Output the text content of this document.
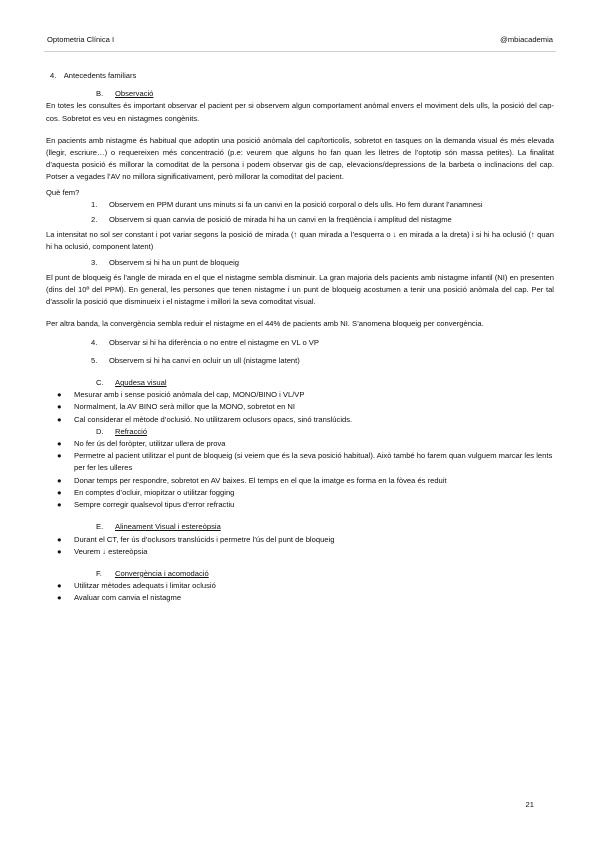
Optometria Clínica I	@mbiacademia
4. Antecedents familiars
B. Observació

En totes les consultes és important observar el pacient per si observem algun comportament anòmal envers el moviment dels ulls, la posició del cap-cos. Sobretot es veu en nistagmes congènits.

En pacients amb nistagme és habitual que adoptin una posició anòmala del cap/torticolis, sobretot en tasques on la demanda visual és més elevada (llegir, escriure…) o requereixen més concentració (p.e: veurem que alguns ho fan quan les lletres de l’optotip són massa petites). La finalitat d’aquesta posició és millorar la comoditat de la persona i podem observar gis de cap, elevacions/depressions de la barbeta o inclinacions del cap. Potser a vegades l’AV no millora significativament, però millorar la comoditat del pacient.

Què fem?
1. Observem en PPM durant uns minuts si fa un canvi en la posició corporal o dels ulls. Ho fem durant l’anamnesi
2. Observem si quan canvia de posició de mirada hi ha un canvi en la freqüència i amplitud del nistagme

La intensitat no sol ser constant i pot variar segons la posició de mirada (↑ quan mirada a l’esquerra o ↓ en mirada a la dreta) i si hi ha oclusió (↑ quan hi ha oclusió, component latent)

3. Observem si hi ha un punt de bloqueig

El punt de bloqueig és l’angle de mirada en el que el nistagme sembla disminuir. La gran majoria dels pacients amb nistagme infantil (NI) en presenten (dins del 10º del PPM). En general, les persones que tenen nistagme i un punt de bloqueig acostumen a tenir una posició anòmala del cap. Per tal d’assolir la posició que disminueix i el nistagme i millori la seva comoditat visual.

Per altra banda, la convergència sembla reduir el nistagme en el 44% de pacients amb NI. S’anomena bloqueig per convergència.

4. Observar si hi ha diferència o no entre el nistagme en VL o VP
5. Observem si hi ha canvi en ocluir un ull (nistagme latent)
C. Agudesa visual
● Mesurar amb i sense posició anòmala del cap, MONO/BINO i VL/VP
● Normalment, la AV BINO serà millor que la MONO, sobretot en NI
● Cal considerar el mètode d’oclusió. No utilitzarem oclusors opacs, sinó translúcids.
D. Refracció
● No fer ús del foròpter, utilitzar ullera de prova
● Permetre al pacient utilitzar el punt de bloqueig (si veiem que és la seva posició habitual). Això també ho farem quan vulguem marcar les lents per fer les ulleres
● Donar temps per respondre, sobretot en AV baixes. El temps en el que la imatge es forma en la fòvea és reduit
● En comptes d’ocluir, miopitzar o utilitzar fogging
● Sempre corregir qualsevol tipus d’error refractiu
E. Alineament Visual i estereòpsia
● Durant el CT, fer ús d’oclusors translúcids i permetre l’ús del punt de bloqueig
● Veurem ↓ estereòpsia
F. Convergència i acomodació
● Utilitzar mètodes adequats i limitar oclusió
● Avaluar com canvia el nistagme
21
